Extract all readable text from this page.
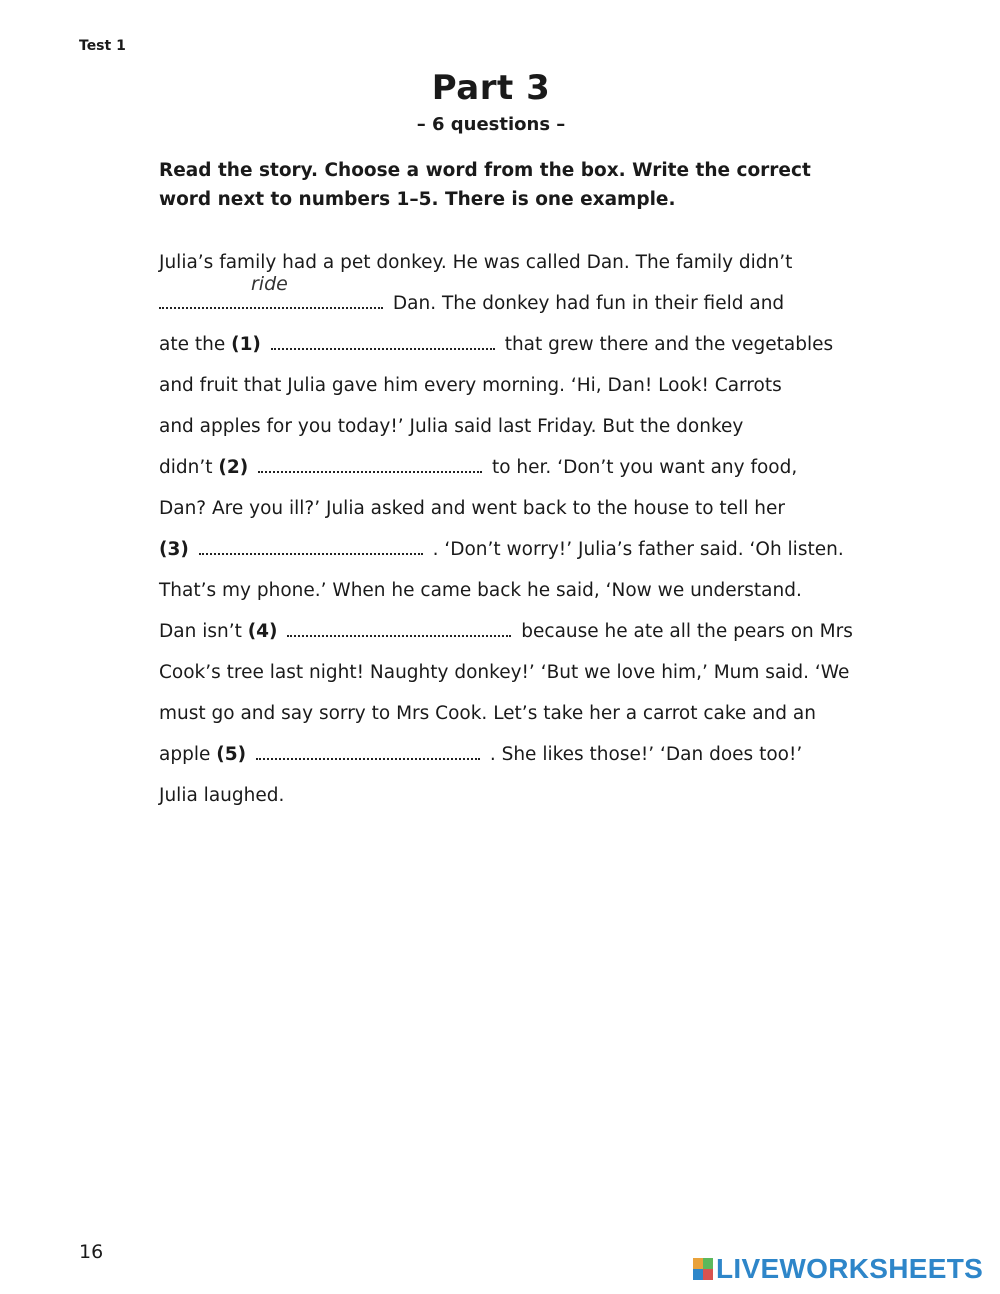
Test 1
Part 3
– 6 questions –
Read the story. Choose a word from the box. Write the correct
word next to numbers 1–5. There is one example.
Julia’s family had a pet donkey. He was called Dan. The family didn’t
ride
Dan. The donkey had fun in their field and
ate the (1)	that grew there and the vegetables
and fruit that Julia gave him every morning. ‘Hi, Dan! Look! Carrots
and apples for you today!’ Julia said last Friday. But the donkey
didn’t (2)	to her. ‘Don’t you want any food,
Dan? Are you ill?’ Julia asked and went back to the house to tell her
(3)	. ‘Don’t worry!’ Julia’s father said. ‘Oh listen.
That’s my phone.’ When he came back he said, ‘Now we understand.
Dan isn’t (4)	because he ate all the pears on Mrs
Cook’s tree last night! Naughty donkey!’ ‘But we love him,’ Mum said. ‘We
must go and say sorry to Mrs Cook. Let’s take her a carrot cake and an
apple (5)	. She likes those!’ ‘Dan does too!’
Julia laughed.
16
LIVEWORKSHEETS
